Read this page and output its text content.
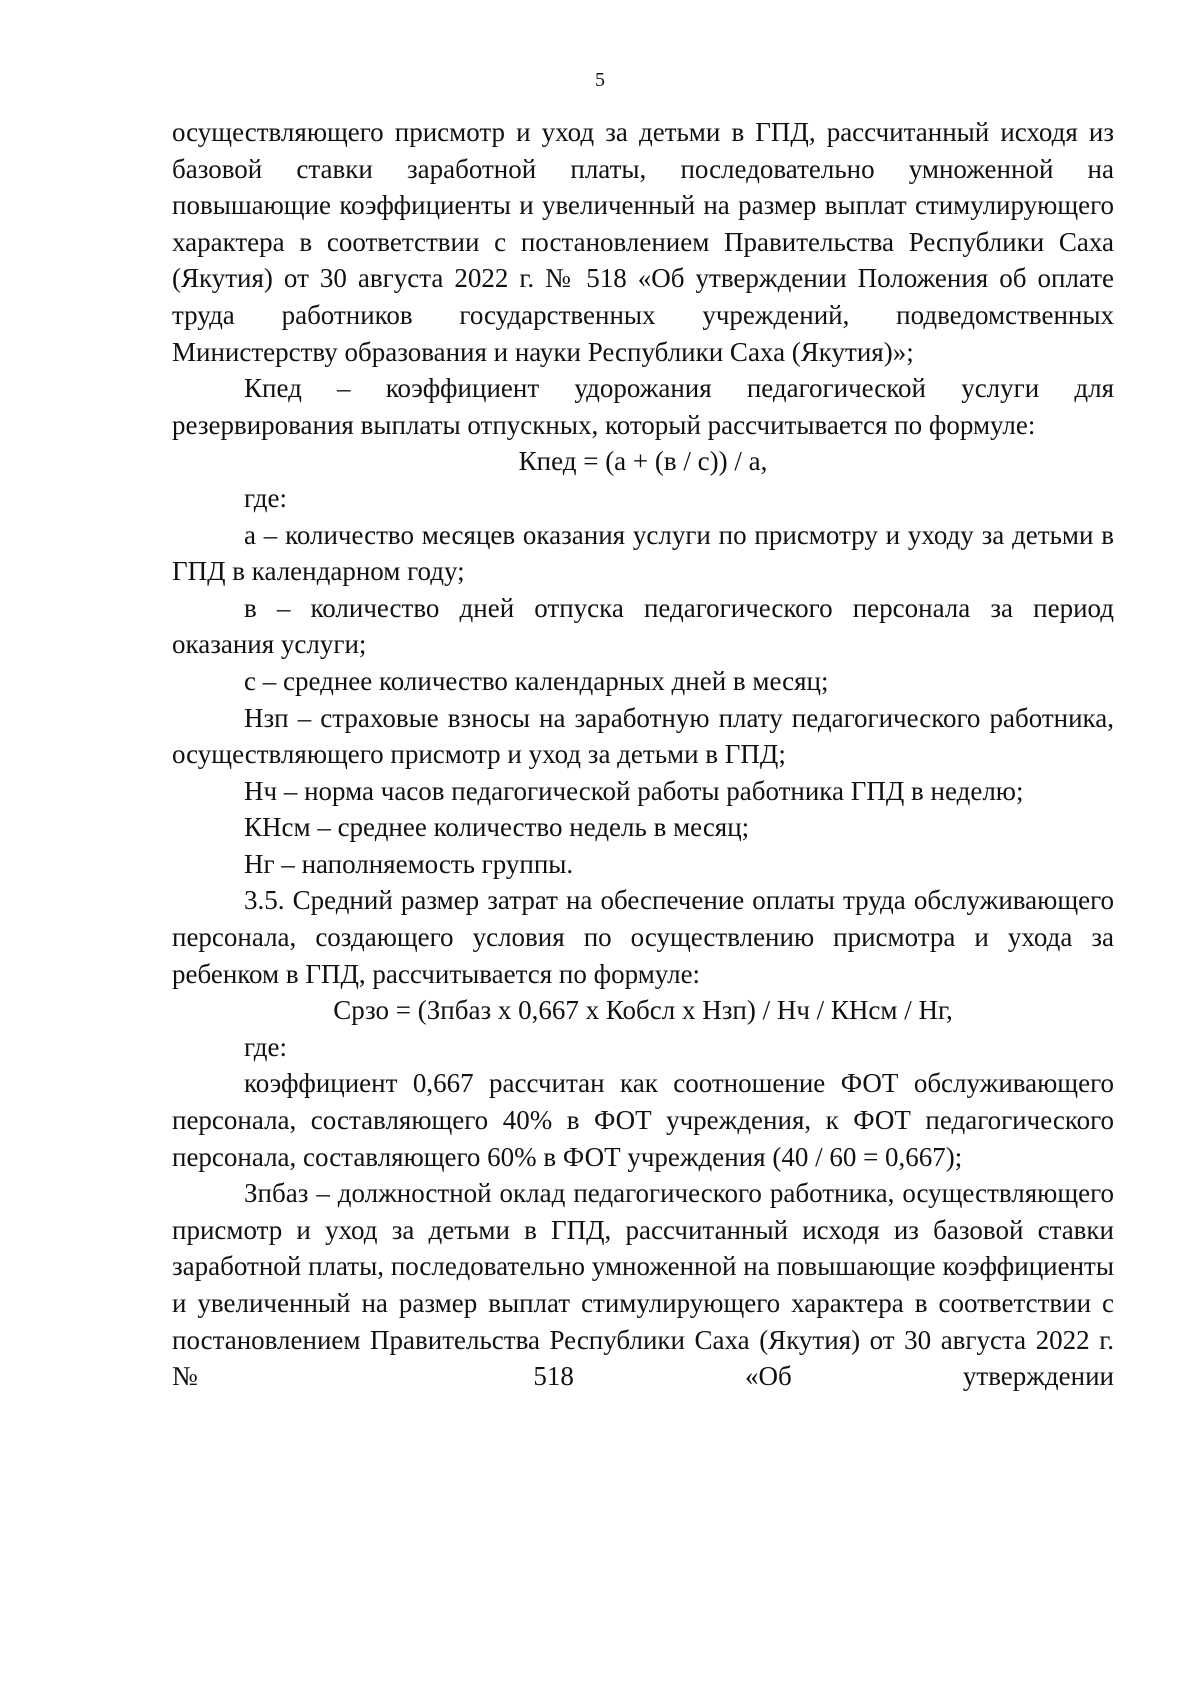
5

осуществляющего присмотр и уход за детьми в ГПД, рассчитанный исходя из базовой ставки заработной платы, последовательно умноженной на повышающие коэффициенты и увеличенный на размер выплат стимулирующего характера в соответствии с постановлением Правительства Республики Саха (Якутия) от 30 августа 2022 г. № 518 «Об утверждении Положения об оплате труда работников государственных учреждений, подведомственных Министерству образования и науки Республики Саха (Якутия)»;

Кпед – коэффициент удорожания педагогической услуги для резервирования выплаты отпускных, который рассчитывается по формуле:

Кпед = (а + (в / с)) / а,

где:

а – количество месяцев оказания услуги по присмотру и уходу за детьми в ГПД в календарном году;

в – количество дней отпуска педагогического персонала за период оказания услуги;

с – среднее количество календарных дней в месяц;

Нзп – страховые взносы на заработную плату педагогического работника, осуществляющего присмотр и уход за детьми в ГПД;

Нч – норма часов педагогической работы работника ГПД в неделю;

КНсм – среднее количество недель в месяц;

Нг – наполняемость группы.

3.5. Средний размер затрат на обеспечение оплаты труда обслуживающего персонала, создающего условия по осуществлению присмотра и ухода за ребенком в ГПД, рассчитывается по формуле:

Срзо = (Зпбаз х 0,667 х Кобсл х Нзп) / Нч / КНсм / Нг,

где:

коэффициент 0,667 рассчитан как соотношение ФОТ обслуживающего персонала, составляющего 40% в ФОТ учреждения, к ФОТ педагогического персонала, составляющего 60% в ФОТ учреждения (40 / 60 = 0,667);

Зпбаз – должностной оклад педагогического работника, осуществляющего присмотр и уход за детьми в ГПД, рассчитанный исходя из базовой ставки заработной платы, последовательно умноженной на повышающие коэффициенты и увеличенный на размер выплат стимулирующего характера в соответствии с постановлением Правительства Республики Саха (Якутия) от 30 августа 2022 г. № 518 «Об утверждении
